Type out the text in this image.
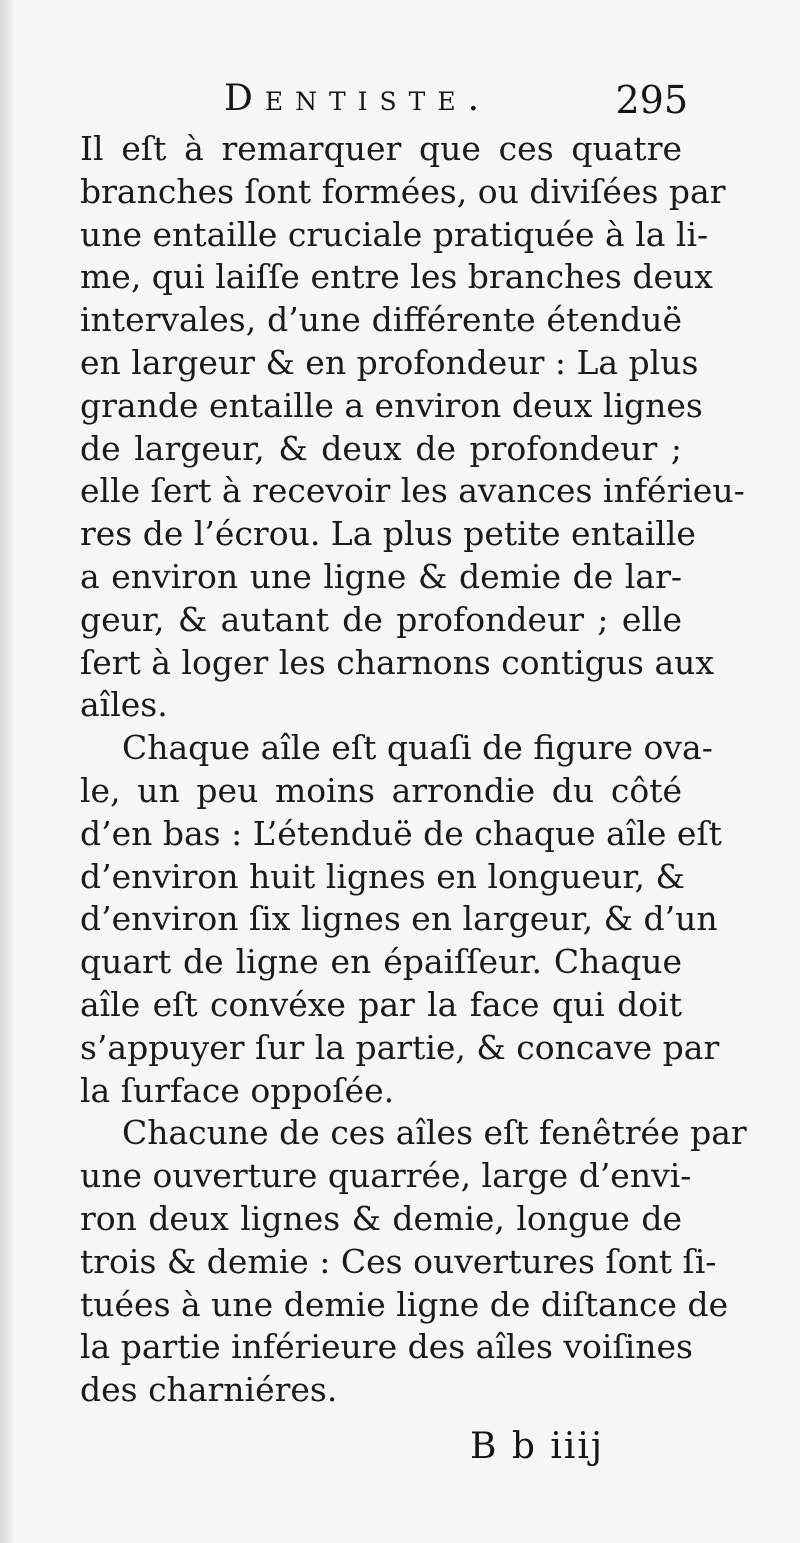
Dentiste.	295

Il eſt à remarquer que ces quatre
branches ſont formées, ou diviſées par
une entaille cruciale pratiquée à la li-
me, qui laiſſe entre les branches deux
intervales, d’une différente étenduë
en largeur & en profondeur : La plus
grande entaille a environ deux lignes
de largeur, & deux de profondeur ;
elle ſert à recevoir les avances inférieu-
res de l’écrou. La plus petite entaille
a environ une ligne & demie de lar-
geur, & autant de profondeur ; elle
ſert à loger les charnons contigus aux
aîles.

Chaque aîle eſt quaſi de figure ova-
le, un peu moins arrondie du côté
d’en bas : L’étenduë de chaque aîle eſt
d’environ huit lignes en longueur, &
d’environ ſix lignes en largeur, & d’un
quart de ligne en épaiſſeur. Chaque
aîle eſt convéxe par la face qui doit
s’appuyer ſur la partie, & concave par
la ſurface oppoſée.

Chacune de ces aîles eſt fenêtrée par
une ouverture quarrée, large d’envi-
ron deux lignes & demie, longue de
trois & demie : Ces ouvertures ſont ſi-
tuées à une demie ligne de diſtance de
la partie inférieure des aîles voiſines
des charniéres.

B b iiij
